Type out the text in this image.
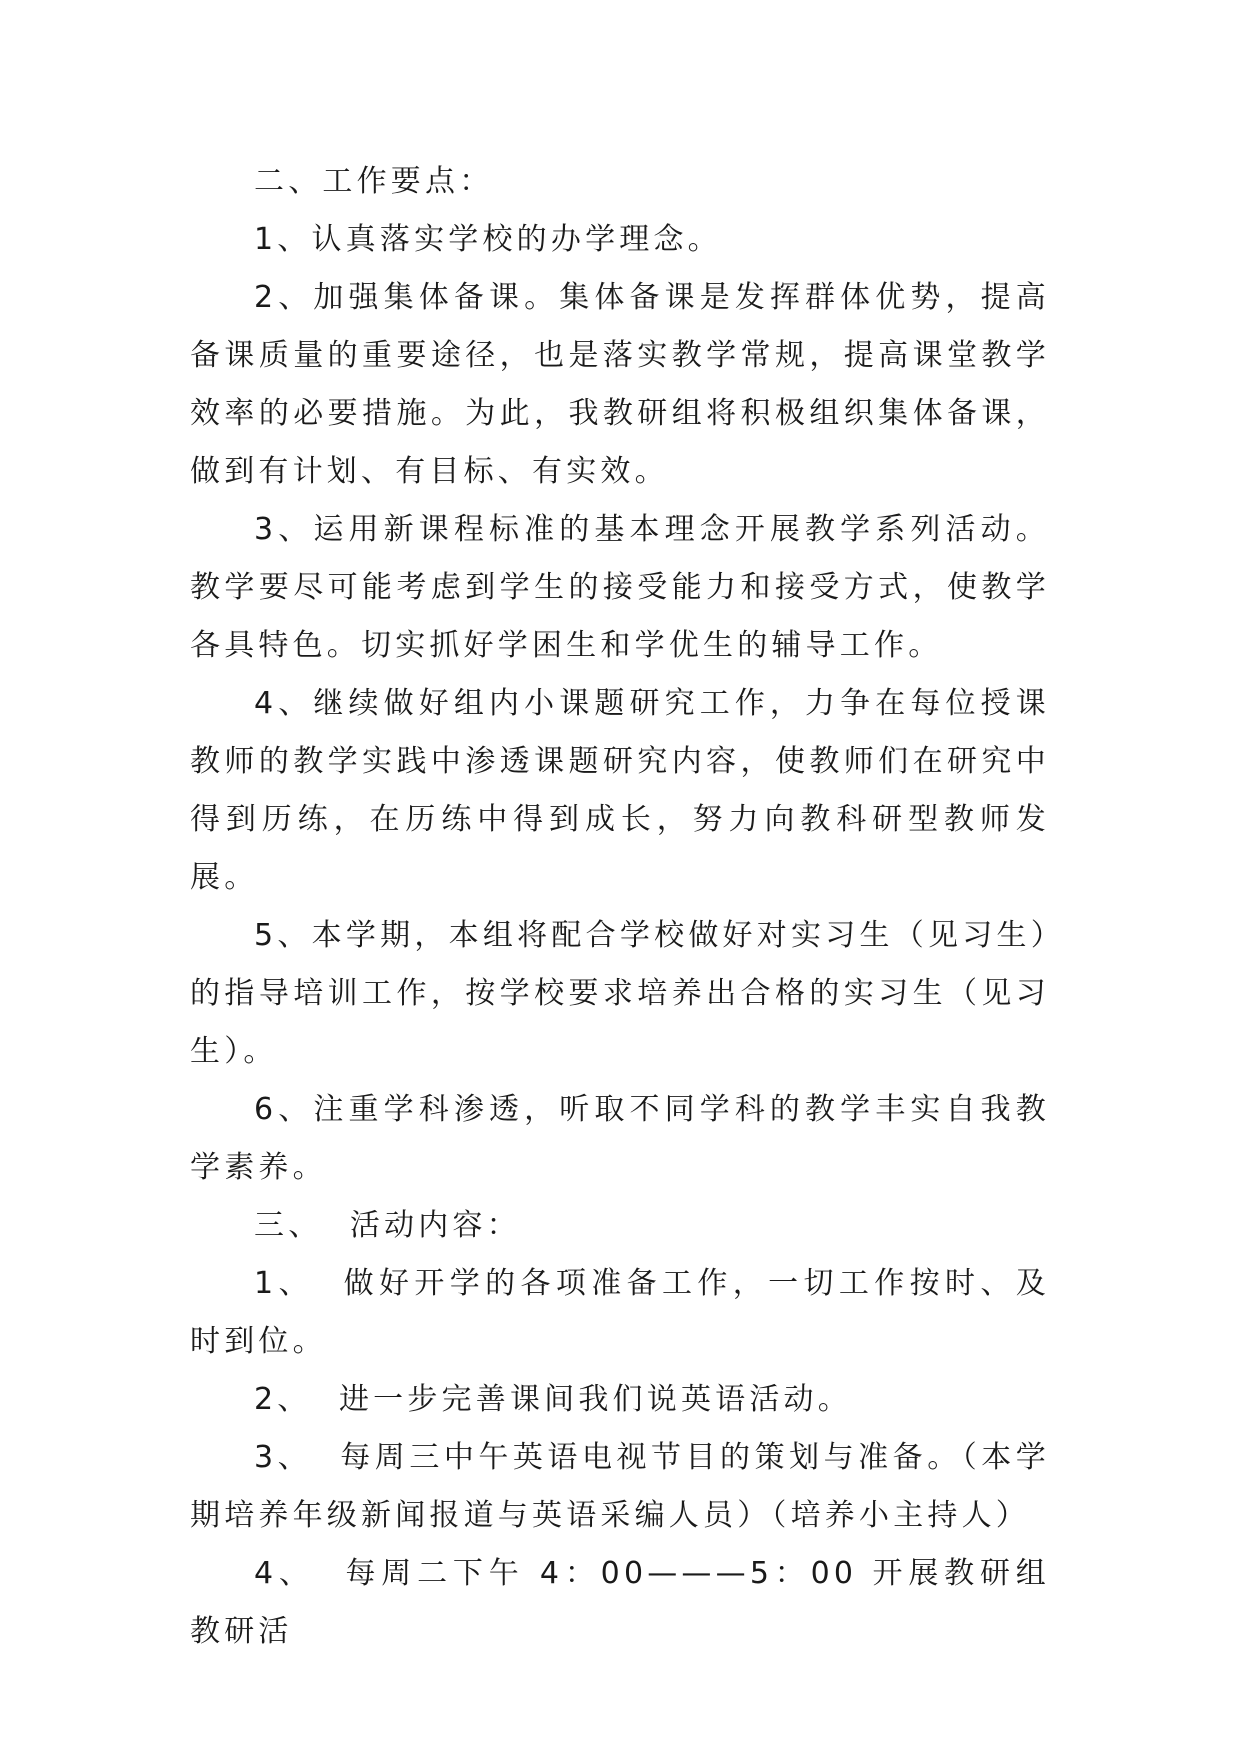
二、工作要点：

1、认真落实学校的办学理念。

2、加强集体备课。集体备课是发挥群体优势，提高备课质量的重要途径，也是落实教学常规，提高课堂教学效率的必要措施。为此，我教研组将积极组织集体备课，做到有计划、有目标、有实效。

3、运用新课程标准的基本理念开展教学系列活动。教学要尽可能考虑到学生的接受能力和接受方式，使教学各具特色。切实抓好学困生和学优生的辅导工作。

4、继续做好组内小课题研究工作，力争在每位授课教师的教学实践中渗透课题研究内容，使教师们在研究中得到历练，在历练中得到成长，努力向教科研型教师发展。

5、本学期，本组将配合学校做好对实习生（见习生）的指导培训工作，按学校要求培养出合格的实习生（见习生）。

6、注重学科渗透，听取不同学科的教学丰实自我教学素养。

三、  活动内容：

1、  做好开学的各项准备工作，一切工作按时、及时到位。

2、  进一步完善课间我们说英语活动。

3、  每周三中午英语电视节目的策划与准备。（本学期培养年级新闻报道与英语采编人员）（培养小主持人）

4、  每周二下午 4：00———5：00 开展教研组教研活
